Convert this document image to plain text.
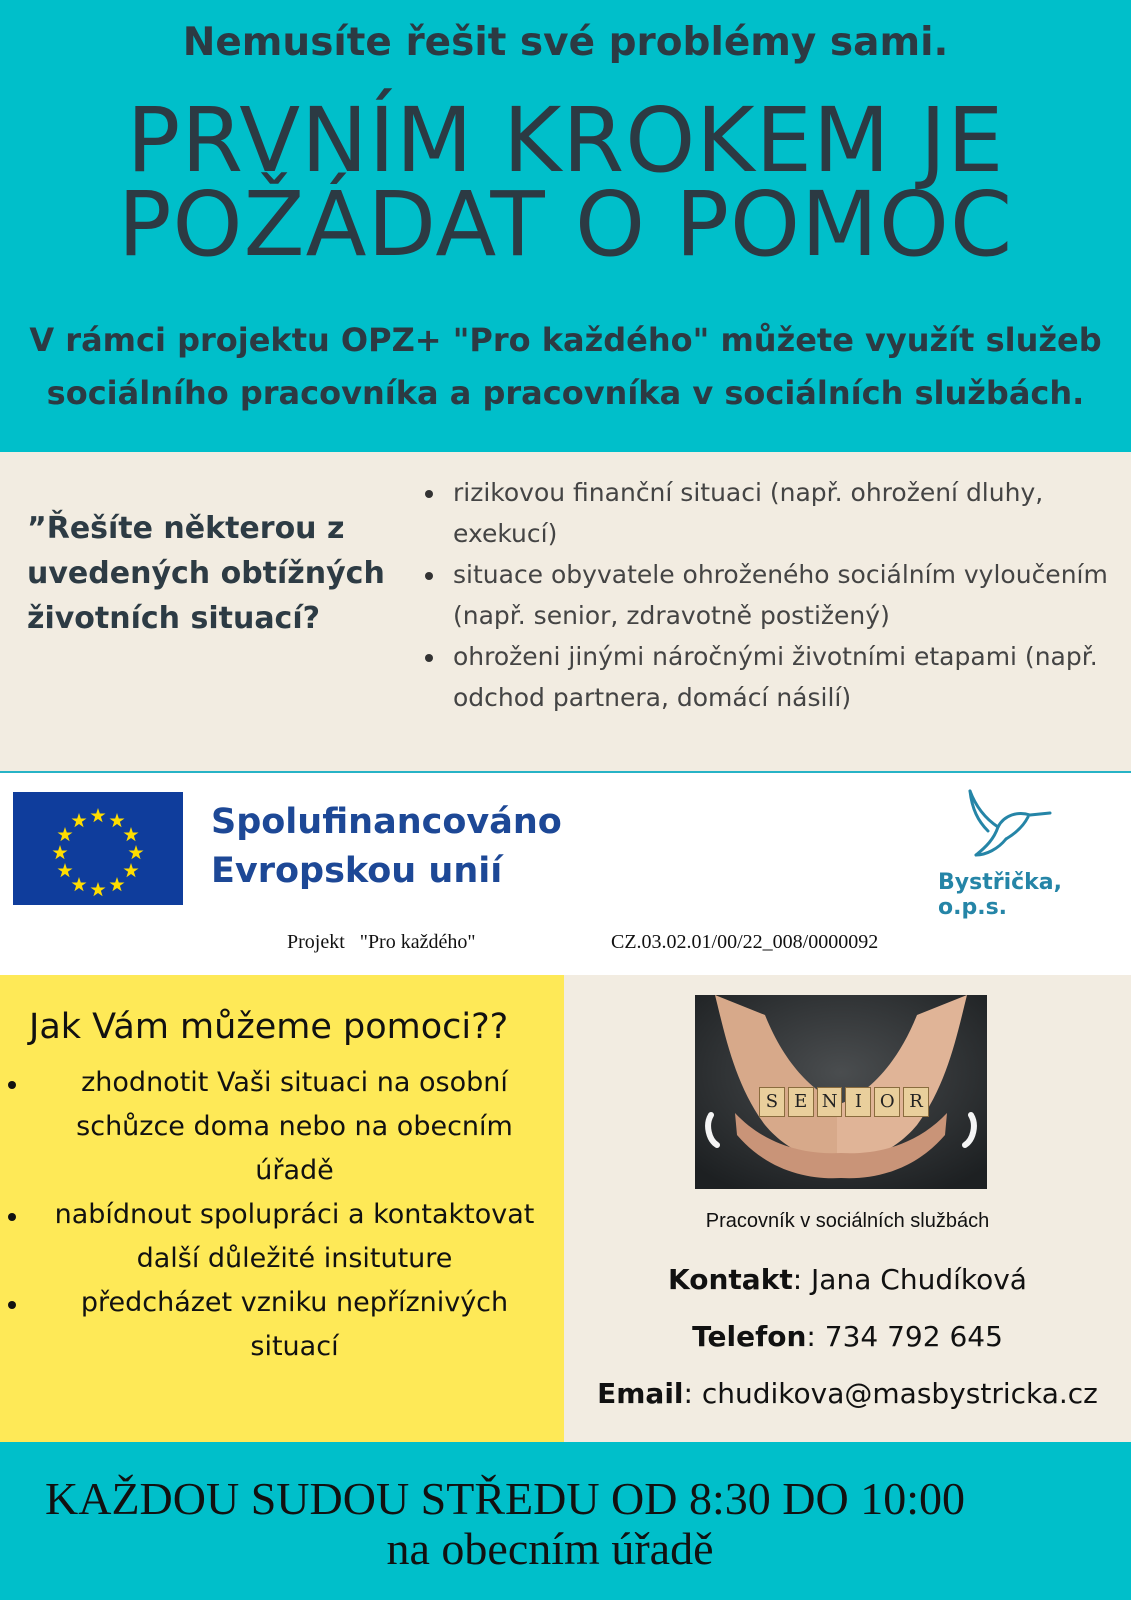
Nemusíte řešit své problémy sami.
PRVNÍM KROKEM JE
POŽÁDAT O POMOC
V rámci projektu OPZ+ "Pro každého" můžete využít služeb
sociálního pracovníka a pracovníka v sociálních službách.
”Řešíte některou z
uvedených obtížných
životních situací?
rizikovou finanční situaci (např. ohrožení dluhy, exekucí)
situace obyvatele ohroženého sociálním vyloučením (např. senior, zdravotně postižený)
ohroženi jinými náročnými životními etapami (např. odchod partnera, domácí násilí)
Spolufinancováno
Evropskou unií	Bystřička, o.p.s.
Projekt   "Pro každého"	CZ.03.02.01/00/22_008/0000092
Jak Vám můžeme pomoci??
zhodnotit Vaši situaci na osobní schůzce doma nebo na obecním úřadě
nabídnout spolupráci a kontaktovat další důležité insituture
předcházet vzniku nepříznivých situací
S E N I O R
Pracovník v sociálních službách
Kontakt: Jana Chudíková
Telefon: 734 792 645
Email: chudikova@masbystricka.cz
KAŽDOU SUDOU STŘEDU OD 8:30 DO 10:00
na obecním úřadě
